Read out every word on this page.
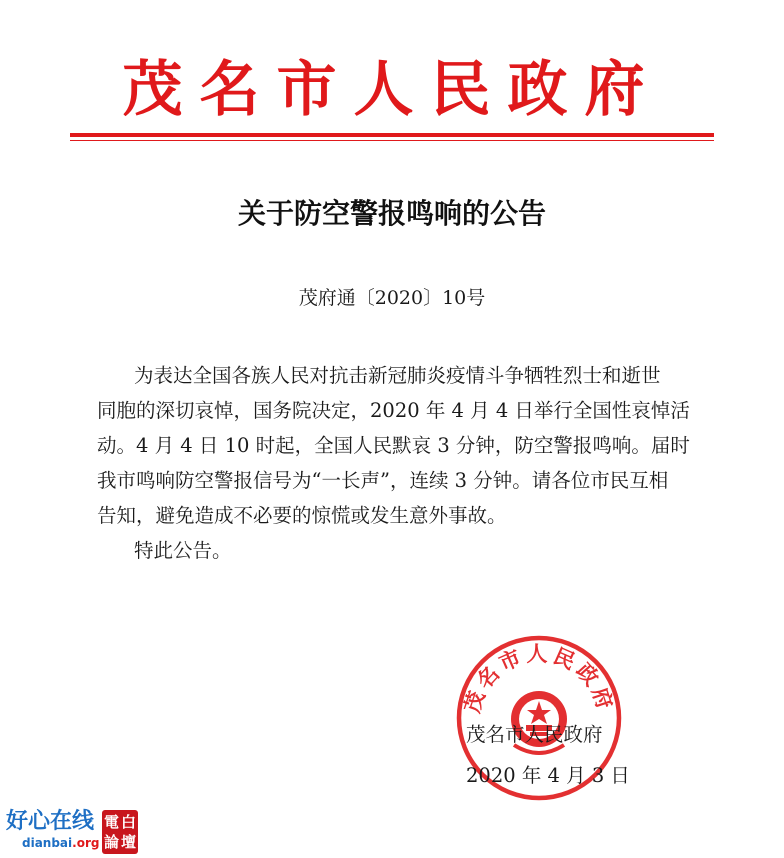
茂名市人民政府
关于防空警报鸣响的公告
茂府通〔2020〕10号

为表达全国各族人民对抗击新冠肺炎疫情斗争牺牲烈士和逝世

同胞的深切哀悼，国务院决定，2020 年 4 月 4 日举行全国性哀悼活

动。4 月 4 日 10 时起，全国人民默哀 3 分钟，防空警报鸣响。届时

我市鸣响防空警报信号为“一长声”，连续 3 分钟。请各位市民互相

告知，避免造成不必要的惊慌或发生意外事故。

特此公告。

茂名市人民政府
茂名市人民政府
2020 年 4 月 3 日
好心在线
dianbai.org
電 白
論 壇
